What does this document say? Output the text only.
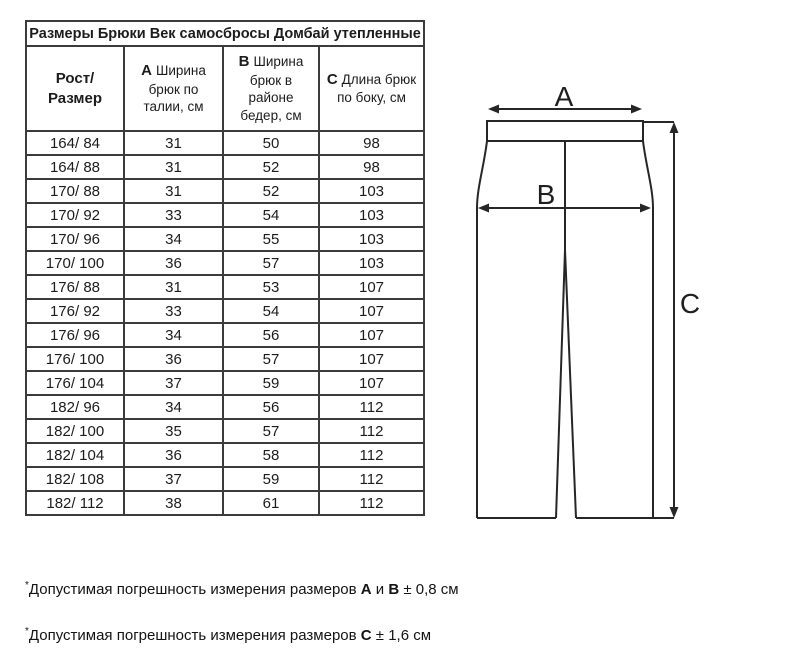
Размеры Брюки Век самосбросы Домбай утепленные			
Рост/Размер	A Ширина брюк по талии, см	B Ширина брюк в районе бедер, см	C Длина брюк по боку, см
164/ 84	31	50	98
164/ 88	31	52	98
170/ 88	31	52	103
170/ 92	33	54	103
170/ 96	34	55	103
170/ 100	36	57	103
176/ 88	31	53	107
176/ 92	33	54	107
176/ 96	34	56	107
176/ 100	36	57	107
176/ 104	37	59	107
182/ 96	34	56	112
182/ 100	35	57	112
182/ 104	36	58	112
182/ 108	37	59	112
182/ 112	38	61	112
A
B
C

*Допустимая погрешность измерения размеров A и B ± 0,8 см

*Допустимая погрешность измерения размеров C ± 1,6 см
